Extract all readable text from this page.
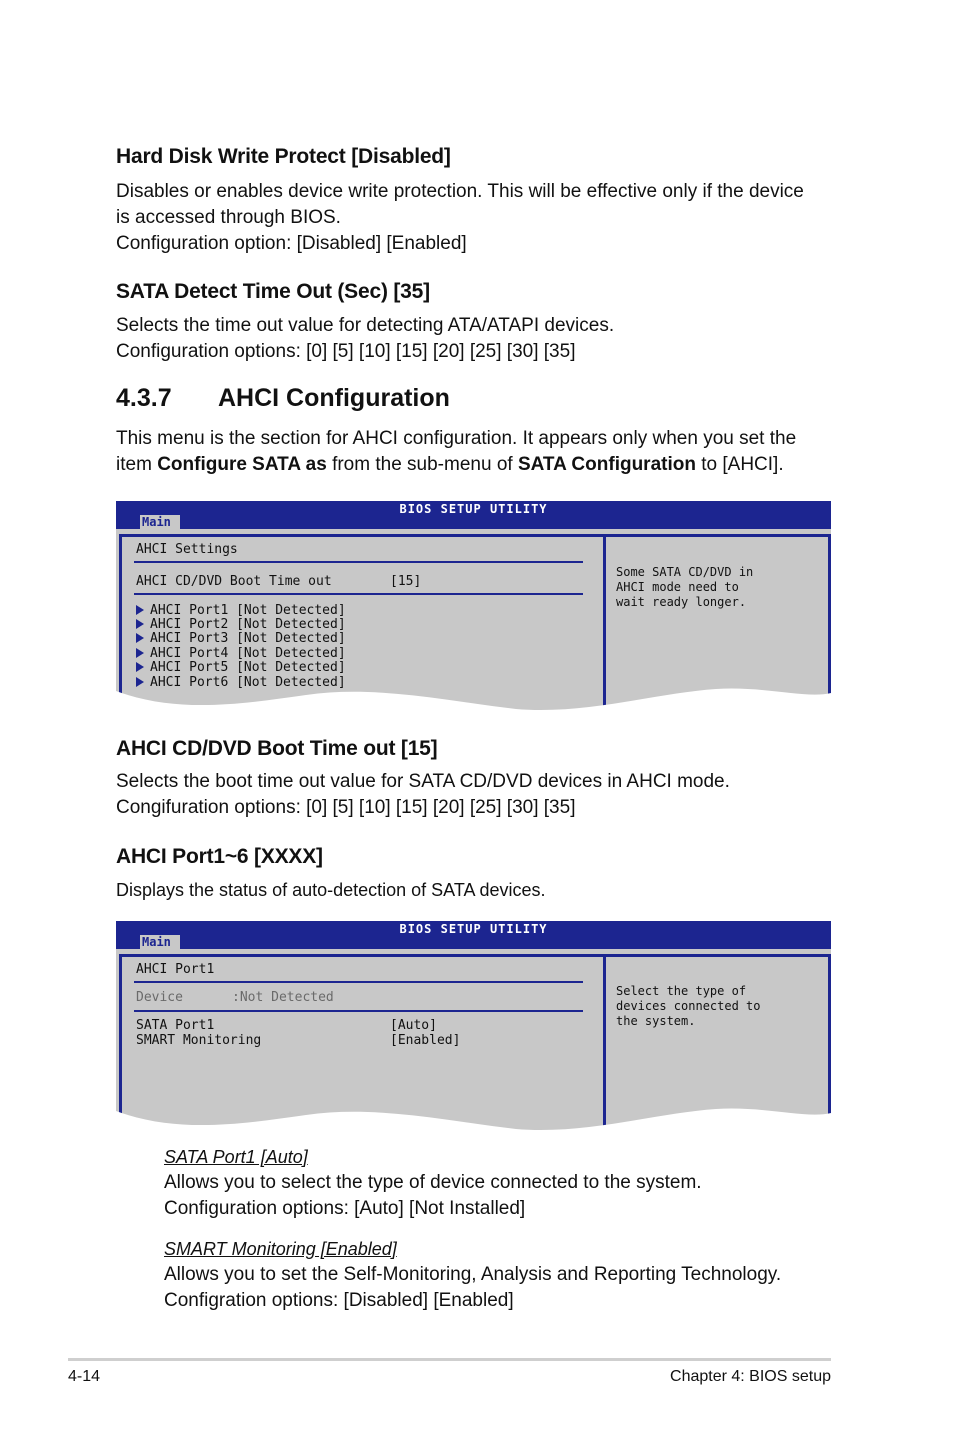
Hard Disk Write Protect [Disabled]

Disables or enables device write protection. This will be effective only if the device

is accessed through BIOS.

Configuration option: [Disabled] [Enabled]

SATA Detect Time Out (Sec) [35]

Selects the time out value for detecting ATA/ATAPI devices.

Configuration options: [0] [5] [10] [15] [20] [25] [30] [35]

4.3.7 AHCI Configuration

This menu is the section for AHCI configuration. It appears only when you set the

item Configure SATA as from the sub-menu of SATA Configuration to [AHCI].

BIOS SETUP UTILITY
Main
AHCI Settings
AHCI CD/DVD Boot Time out	[15]
AHCI Port1 [Not Detected]
AHCI Port2 [Not Detected]
AHCI Port3 [Not Detected]
AHCI Port4 [Not Detected]
AHCI Port5 [Not Detected]
AHCI Port6 [Not Detected]
Some SATA CD/DVD in
AHCI mode need to
wait ready longer.
AHCI CD/DVD Boot Time out [15]

Selects the boot time out value for SATA CD/DVD devices in AHCI mode.

Congifuration options: [0] [5] [10] [15] [20] [25] [30] [35]

AHCI Port1~6 [XXXX]

Displays the status of auto-detection of SATA devices.

BIOS SETUP UTILITY
Main
AHCI Port1
Device	:Not Detected
SATA Port1	[Auto]
SMART Monitoring	[Enabled]
Select the type of
devices connected to
the system.

SATA Port1 [Auto]

Allows you to select the type of device connected to the system.

Configuration options: [Auto] [Not Installed]

SMART Monitoring [Enabled]

Allows you to set the Self-Monitoring, Analysis and Reporting Technology.

Configration options: [Disabled] [Enabled]

4-14	Chapter 4: BIOS setup
